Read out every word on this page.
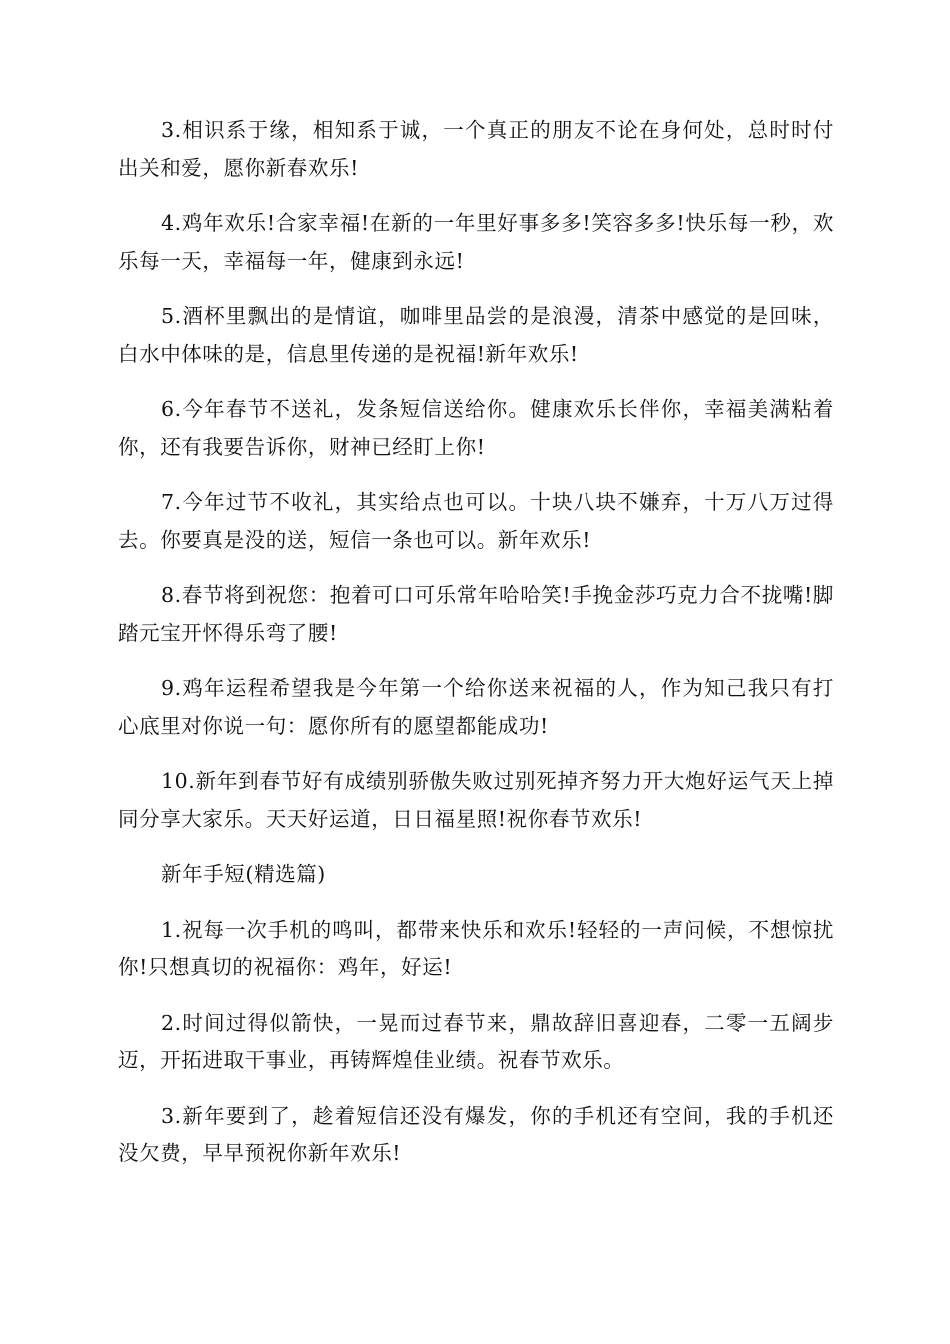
3.相识系于缘，相知系于诚，一个真正的朋友不论在身何处，总时时付出关和爱，愿你新春欢乐!

4.鸡年欢乐!合家幸福!在新的一年里好事多多!笑容多多!快乐每一秒，欢乐每一天，幸福每一年，健康到永远!

5.酒杯里飘出的是情谊，咖啡里品尝的是浪漫，清茶中感觉的是回味，白水中体味的是，信息里传递的是祝福!新年欢乐!

6.今年春节不送礼，发条短信送给你。健康欢乐长伴你，幸福美满粘着你，还有我要告诉你，财神已经盯上你!

7.今年过节不收礼，其实给点也可以。十块八块不嫌弃，十万八万过得去。你要真是没的送，短信一条也可以。新年欢乐!

8.春节将到祝您：抱着可口可乐常年哈哈笑!手挽金莎巧克力合不拢嘴!脚踏元宝开怀得乐弯了腰!

9.鸡年运程希望我是今年第一个给你送来祝福的人，作为知己我只有打心底里对你说一句：愿你所有的愿望都能成功!

10.新年到春节好有成绩别骄傲失败过别死掉齐努力开大炮好运气天上掉同分享大家乐。天天好运道，日日福星照!祝你春节欢乐!

新年手短(精选篇)

1.祝每一次手机的鸣叫，都带来快乐和欢乐!轻轻的一声问候，不想惊扰你!只想真切的祝福你：鸡年，好运!

2.时间过得似箭快，一晃而过春节来，鼎故辞旧喜迎春，二零一五阔步迈，开拓进取干事业，再铸辉煌佳业绩。祝春节欢乐。

3.新年要到了，趁着短信还没有爆发，你的手机还有空间，我的手机还没欠费，早早预祝你新年欢乐!
